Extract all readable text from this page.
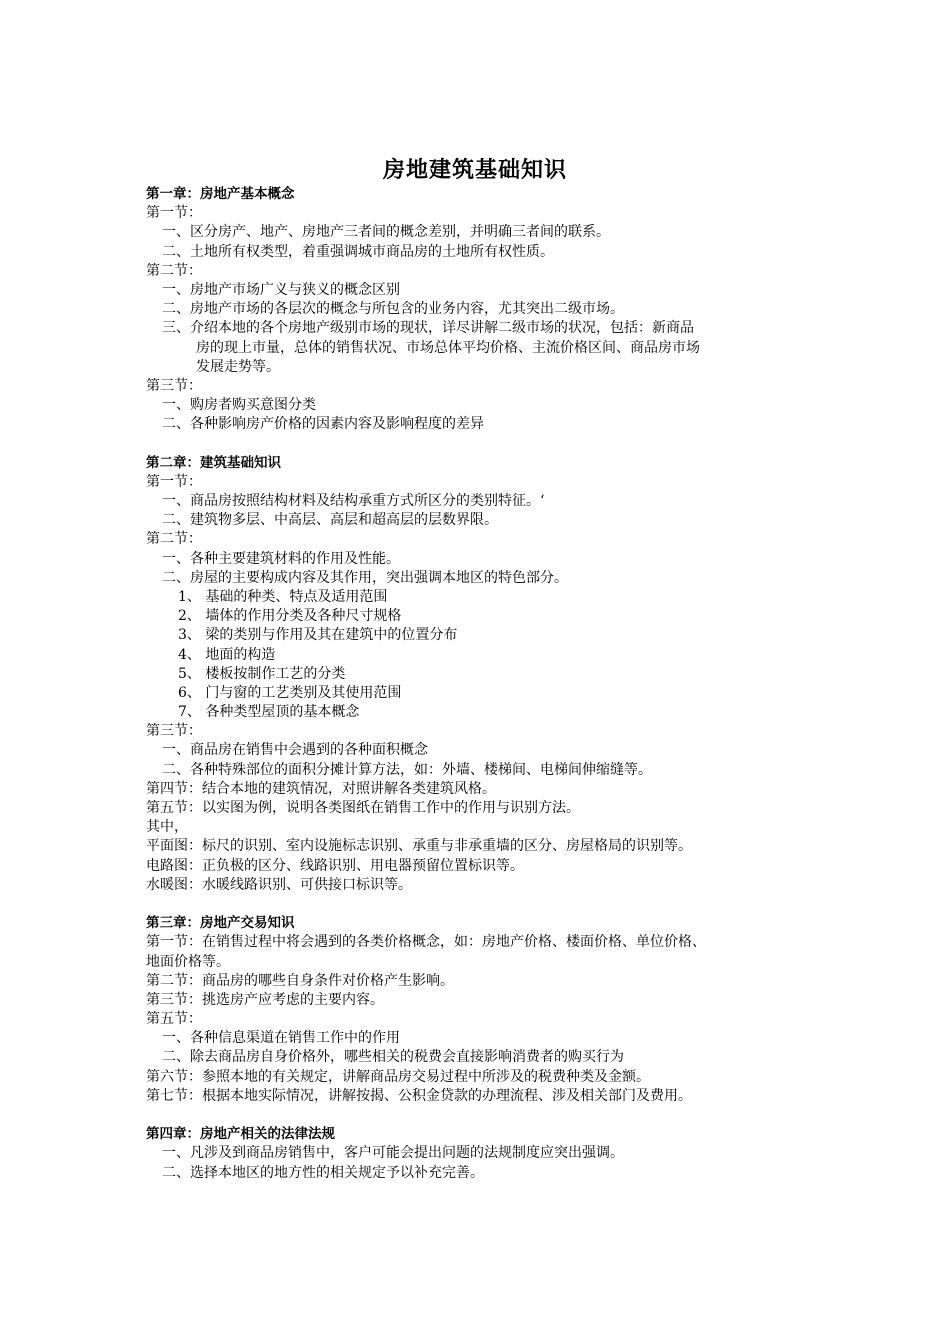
房地建筑基础知识
第一章：房地产基本概念
第一节：
一、区分房产、地产、房地产三者间的概念差别，并明确三者间的联系。
二、土地所有权类型，着重强调城市商品房的土地所有权性质。
第二节：
一、房地产市场广义与狭义的概念区别
二、房地产市场的各层次的概念与所包含的业务内容，尤其突出二级市场。
三、介绍本地的各个房地产级别市场的现状，详尽讲解二级市场的状况，包括：新商品
房的现上市量，总体的销售状况、市场总体平均价格、主流价格区间、商品房市场
发展走势等。
第三节：
一、购房者购买意图分类
二、各种影响房产价格的因素内容及影响程度的差异
第二章：建筑基础知识
第一节：
一、商品房按照结构材料及结构承重方式所区分的类别特征。‘
二、建筑物多层、中高层、高层和超高层的层数界限。
第二节：
一、各种主要建筑材料的作用及性能。
二、房屋的主要构成内容及其作用，突出强调本地区的特色部分。
1、 基础的种类、特点及适用范围
2、 墙体的作用分类及各种尺寸规格
3、 梁的类别与作用及其在建筑中的位置分布
4、 地面的构造
5、 楼板按制作工艺的分类
6、 门与窗的工艺类别及其使用范围
7、 各种类型屋顶的基本概念
第三节：
一、商品房在销售中会遇到的各种面积概念
二、各种特殊部位的面积分摊计算方法，如：外墙、楼梯间、电梯间伸缩缝等。
第四节：结合本地的建筑情况，对照讲解各类建筑风格。
第五节：以实图为例，说明各类图纸在销售工作中的作用与识别方法。
其中，
平面图：标尺的识别、室内设施标志识别、承重与非承重墙的区分、房屋格局的识别等。
电路图：正负极的区分、线路识别、用电器预留位置标识等。
水暖图：水暖线路识别、可供接口标识等。
第三章：房地产交易知识
第一节：在销售过程中将会遇到的各类价格概念，如：房地产价格、楼面价格、单位价格、
地面价格等。
第二节：商品房的哪些自身条件对价格产生影响。
第三节：挑选房产应考虑的主要内容。
第五节：
一、各种信息渠道在销售工作中的作用
二、除去商品房自身价格外，哪些相关的税费会直接影响消费者的购买行为
第六节：参照本地的有关规定，讲解商品房交易过程中所涉及的税费种类及金额。
第七节：根据本地实际情况，讲解按揭、公积金贷款的办理流程、涉及相关部门及费用。
第四章：房地产相关的法律法规
一、凡涉及到商品房销售中，客户可能会提出问题的法规制度应突出强调。
二、选择本地区的地方性的相关规定予以补充完善。
